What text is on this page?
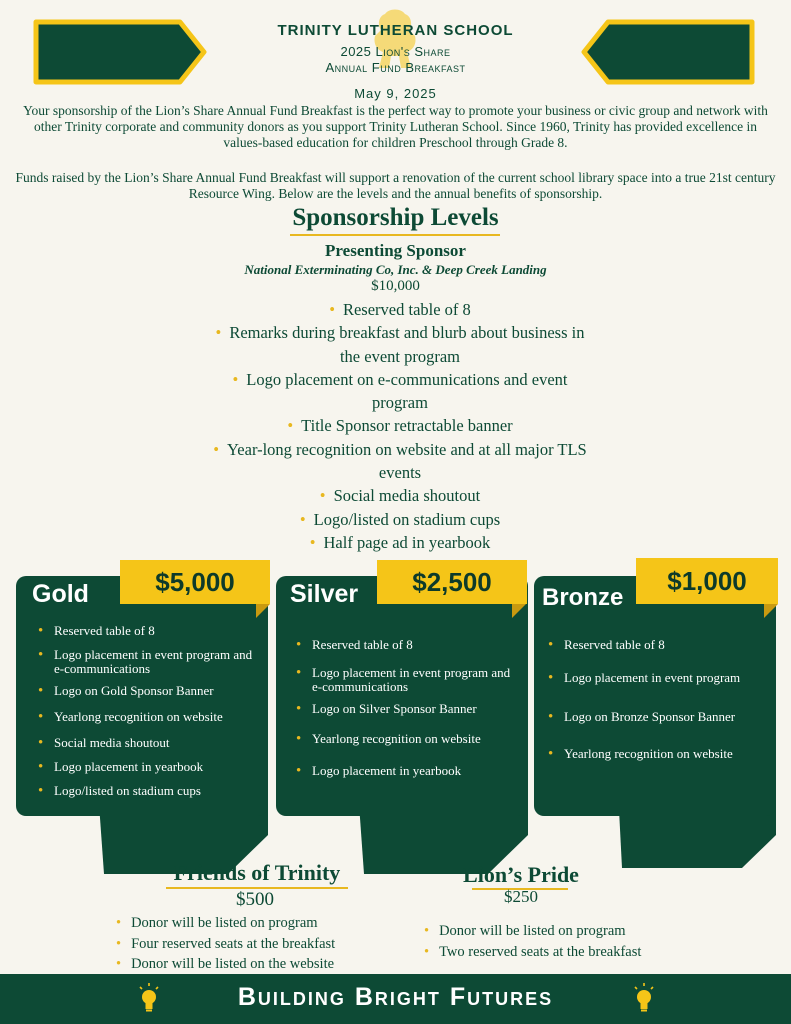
TRINITY LUTHERAN SCHOOL
2025 Lion's Share
Annual Fund Breakfast
May 9, 2025

Your sponsorship of the Lion’s Share Annual Fund Breakfast is the perfect way to promote your business or civic group and network with other Trinity corporate and community donors as you support Trinity Lutheran School. Since 1960, Trinity has provided excellence in values-based education for children Preschool through Grade 8.

Funds raised by the Lion’s Share Annual Fund Breakfast will support a renovation of the current school library space into a true 21st century Resource Wing. Below are the levels and the annual benefits of sponsorship.

Sponsorship Levels
Presenting Sponsor
National Exterminating Co, Inc. & Deep Creek Landing
$10,000
• Reserved table of 8
• Remarks during breakfast and blurb about business in the event program
• Logo placement on e-communications and event program
• Title Sponsor retractable banner
• Year-long recognition on website and at all major TLS events
• Social media shoutout
• Logo/listed on stadium cups
• Half page ad in yearbook
Gold	$5,000
• Reserved table of 8
• Logo placement in event program and e-communications
• Logo on Gold Sponsor Banner
• Yearlong recognition on website
• Social media shoutout
• Logo placement in yearbook
• Logo/listed on stadium cups
Silver	$2,500
• Reserved table of 8
• Logo placement in event program and e-communications
• Logo on Silver Sponsor Banner
• Yearlong recognition on website
• Logo placement in yearbook
Bronze
$1,000
• Reserved table of 8
• Logo placement in event program
• Logo on Bronze Sponsor Banner
• Yearlong recognition on website
Friends of Trinity
$500
• Donor will be listed on program
• Four reserved seats at the breakfast
• Donor will be listed on the website
Lion’s Pride
$250
• Donor will be listed on program
• Two reserved seats at the breakfast
Building Bright Futures
